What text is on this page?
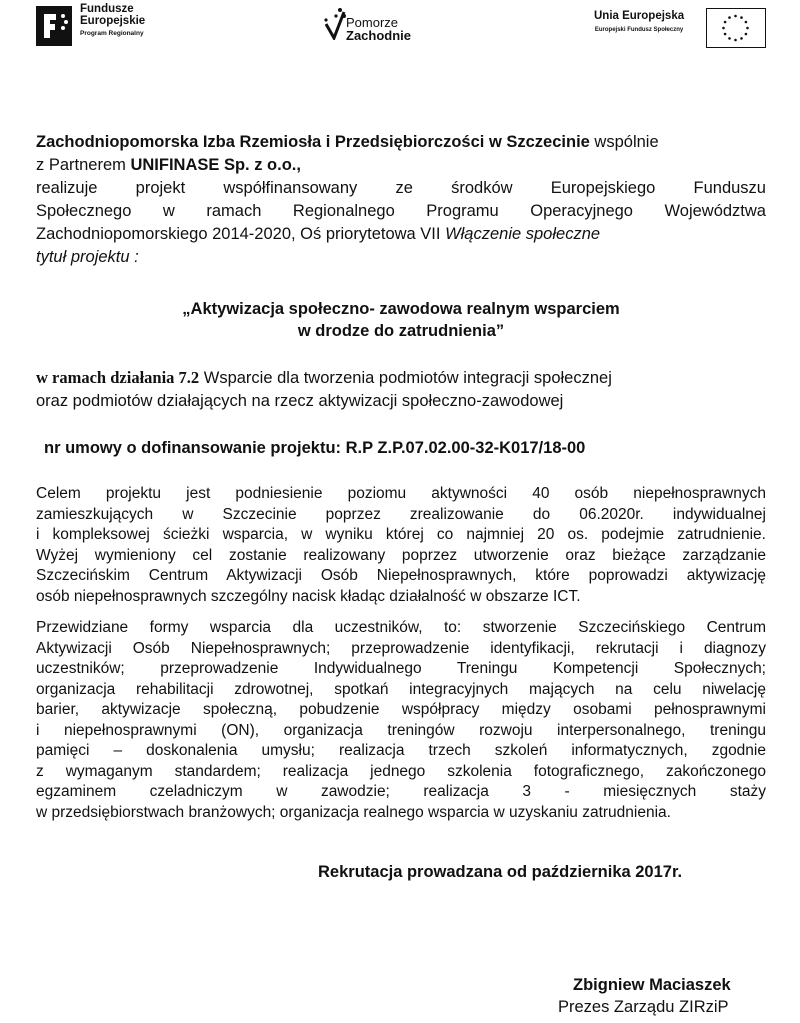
Fundusze
Europejskie
Program Regionalny
Pomorze
Zachodnie
Unia Europejska
Europejski Fundusz Społeczny
Zachodniopomorska Izba Rzemiosła i Przedsiębiorczości w Szczecinie wspólnie
z Partnerem UNIFINASE Sp. z o.o.,
realizuje projekt współfinansowany ze środków Europejskiego Funduszu
Społecznego w ramach Regionalnego Programu Operacyjnego Województwa
Zachodniopomorskiego 2014-2020, Oś priorytetowa VII Włączenie społeczne
tytuł projektu :
„Aktywizacja społeczno- zawodowa realnym wsparciem
w drodze do zatrudnienia”
w ramach działania 7.2 Wsparcie dla tworzenia podmiotów integracji społecznej
oraz podmiotów działających na rzecz aktywizacji społeczno-zawodowej
nr umowy o dofinansowanie projektu: R.P Z.P.07.02.00-32-K017/18-00
Celem projektu jest podniesienie poziomu aktywności 40 osób niepełnosprawnych
zamieszkujących w Szczecinie poprzez zrealizowanie do 06.2020r. indywidualnej
i kompleksowej ścieżki wsparcia, w wyniku której co najmniej 20 os. podejmie zatrudnienie.
Wyżej wymieniony cel zostanie realizowany poprzez utworzenie oraz bieżące zarządzanie
Szczecińskim Centrum Aktywizacji Osób Niepełnosprawnych, które poprowadzi aktywizację
osób niepełnosprawnych szczególny nacisk kładąc działalność w obszarze ICT.
Przewidziane formy wsparcia dla uczestników, to: stworzenie Szczecińskiego Centrum
Aktywizacji Osób Niepełnosprawnych; przeprowadzenie identyfikacji, rekrutacji i diagnozy
uczestników; przeprowadzenie Indywidualnego Treningu Kompetencji Społecznych;
organizacja rehabilitacji zdrowotnej, spotkań integracyjnych mających na celu niwelację
barier, aktywizacje społeczną, pobudzenie współpracy między osobami pełnosprawnymi
i niepełnosprawnymi (ON), organizacja treningów rozwoju interpersonalnego, treningu
pamięci – doskonalenia umysłu; realizacja trzech szkoleń informatycznych, zgodnie
z wymaganym standardem; realizacja jednego szkolenia fotograficznego, zakończonego
egzaminem czeladniczym w zawodzie; realizacja 3 - miesięcznych staży
w przedsiębiorstwach branżowych; organizacja realnego wsparcia w uzyskaniu zatrudnienia.
Rekrutacja prowadzana od października 2017r.
Zbigniew Maciaszek
Prezes Zarządu ZIRziP
